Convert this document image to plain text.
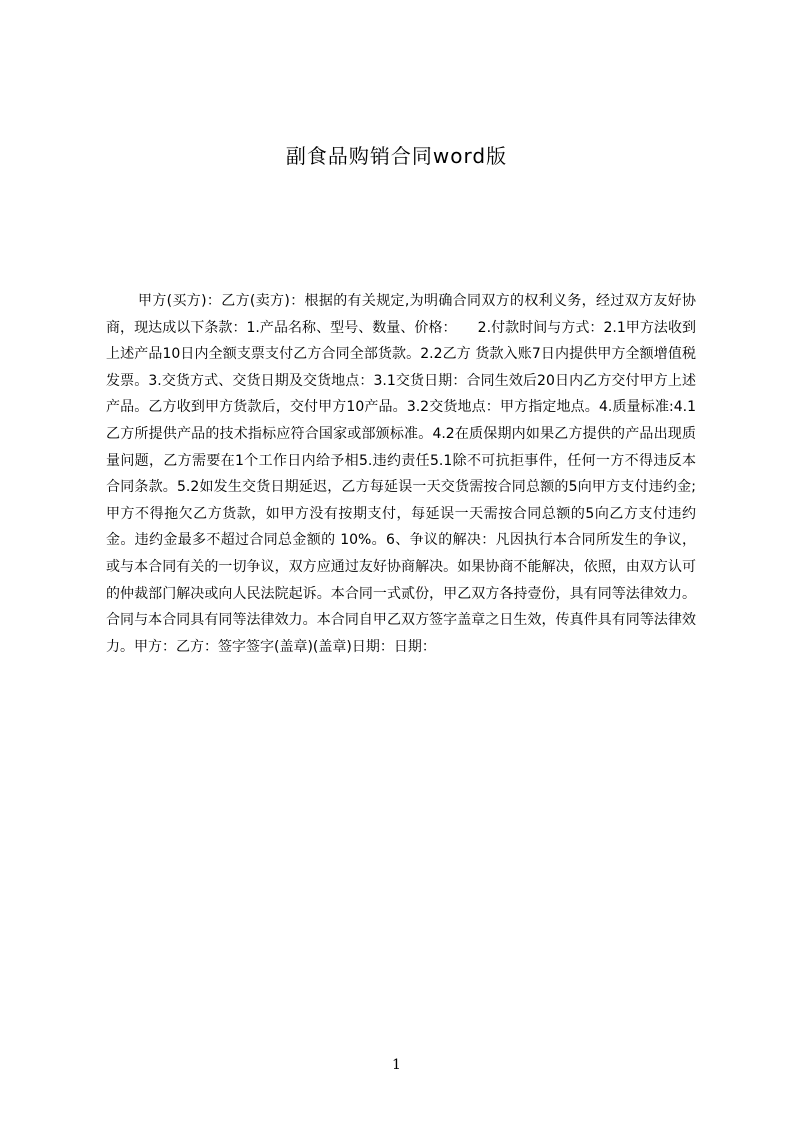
副食品购销合同word版

甲方(买方)：乙方(卖方)：根据的有关规定,为明确合同双方的权利义务，经过双方友好协商，现达成以下条款：1.产品名称、型号、数量、价格：　　2.付款时间与方式：2.1甲方法收到上述产品10日内全额支票支付乙方合同全部货款。2.2乙方 货款入账7日内提供甲方全额增值税发票。3.交货方式、交货日期及交货地点：3.1交货日期：合同生效后20日内乙方交付甲方上述产品。乙方收到甲方货款后，交付甲方10产品。3.2交货地点：甲方指定地点。4.质量标准:4.1乙方所提供产品的技术指标应符合国家或部颁标准。4.2在质保期内如果乙方提供的产品出现质量问题，乙方需要在1个工作日内给予相5.违约责任5.1除不可抗拒事件，任何一方不得违反本合同条款。5.2如发生交货日期延迟，乙方每延误一天交货需按合同总额的5向甲方支付违约金;甲方不得拖欠乙方货款，如甲方没有按期支付，每延误一天需按合同总额的5向乙方支付违约金。违约金最多不超过合同总金额的 10%。6、争议的解决：凡因执行本合同所发生的争议，或与本合同有关的一切争议，双方应通过友好协商解决。如果协商不能解决，依照，由双方认可的仲裁部门解决或向人民法院起诉。本合同一式贰份，甲乙双方各持壹份，具有同等法律效力。合同与本合同具有同等法律效力。本合同自甲乙双方签字盖章之日生效，传真件具有同等法律效力。甲方：乙方：签字签字(盖章)(盖章)日期：日期：

1
